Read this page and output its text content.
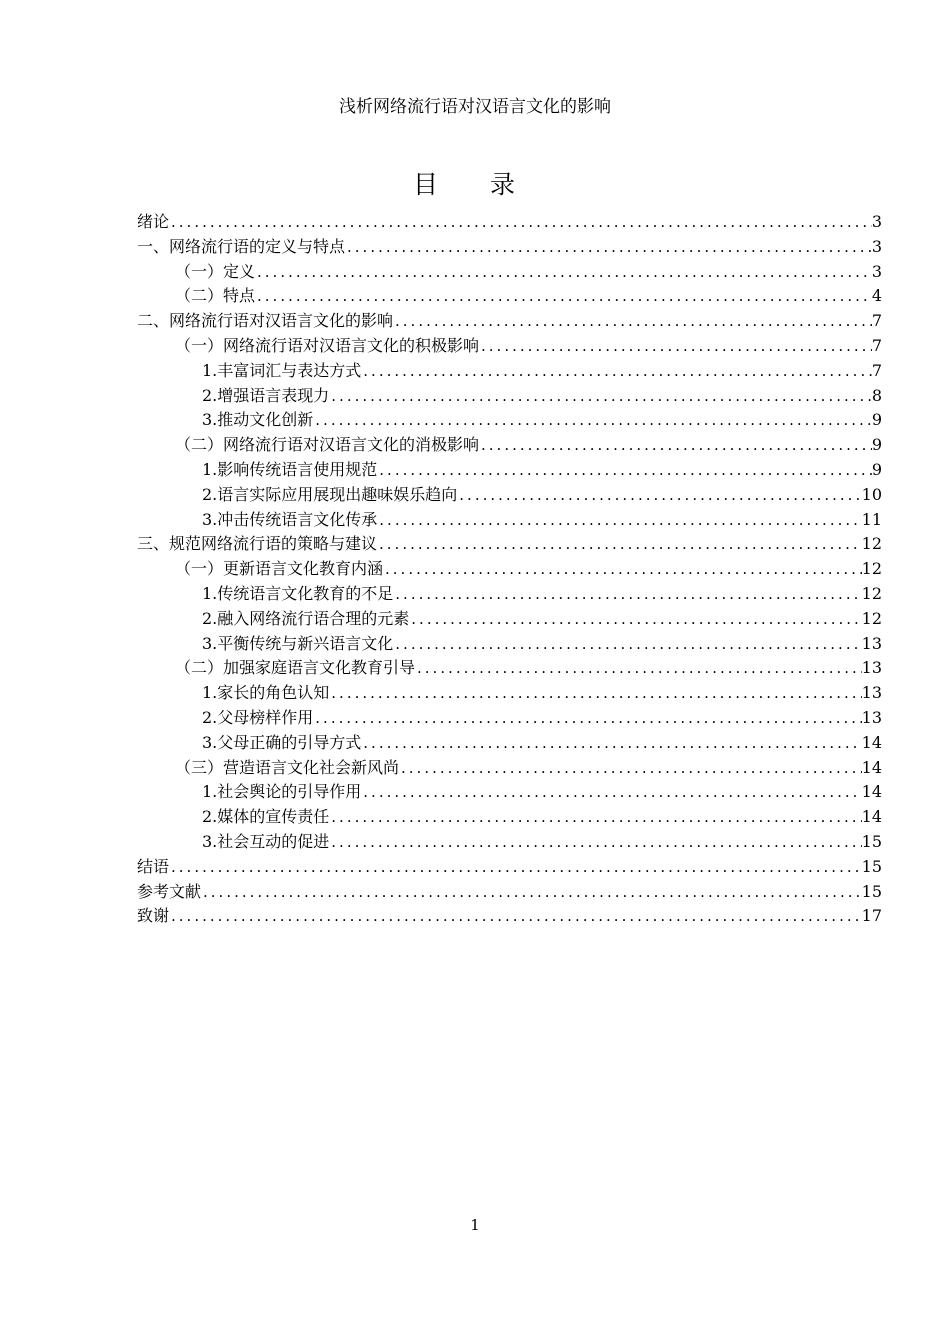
浅析网络流行语对汉语言文化的影响
目 录
绪论 .....	3
一、网络流行语的定义与特点 .....	3
（一）定义 .....	3
（二）特点 .....	4
二、网络流行语对汉语言文化的影响 .....	7
（一）网络流行语对汉语言文化的积极影响 .....	7
1.丰富词汇与表达方式 .....	7
2.增强语言表现力 .....	8
3.推动文化创新 .....	9
（二）网络流行语对汉语言文化的消极影响 .....	9
1.影响传统语言使用规范 .....	9
2.语言实际应用展现出趣味娱乐趋向 .....	10
3.冲击传统语言文化传承 .....	11
三、规范网络流行语的策略与建议 .....	12
（一）更新语言文化教育内涵 .....	12
1.传统语言文化教育的不足 .....	12
2.融入网络流行语合理的元素 .....	12
3.平衡传统与新兴语言文化 .....	13
（二）加强家庭语言文化教育引导 .....	13
1.家长的角色认知 .....	13
2.父母榜样作用 .....	13
3.父母正确的引导方式 .....	14
（三）营造语言文化社会新风尚 .....	14
1.社会舆论的引导作用 .....	14
2.媒体的宣传责任 .....	14
3.社会互动的促进 .....	15
结语 .....	15
参考文献 .....	15
致谢 .....	17
1
